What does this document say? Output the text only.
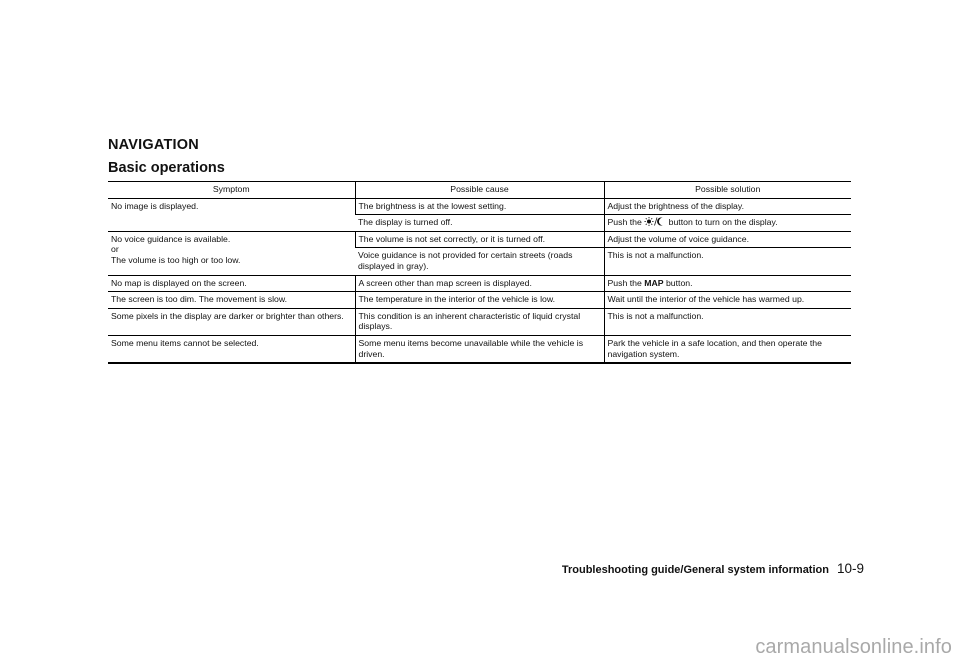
NAVIGATION
Basic operations
Symptom	Possible cause	Possible solution
No image is displayed.	The brightness is at the lowest setting.	Adjust the brightness of the display.
	The display is turned off.	Push the button to turn on the display.

No voice guidance is available.
or
The volume is too high or too low.	The volume is not set correctly, or it is turned off.	Adjust the volume of voice guidance.
	Voice guidance is not provided for certain streets (roads displayed in gray).	This is not a malfunction.
No map is displayed on the screen.	A screen other than map screen is displayed.	Push the MAP button.
The screen is too dim. The movement is slow.	The temperature in the interior of the vehicle is low.	Wait until the interior of the vehicle has warmed up.
Some pixels in the display are darker or brighter than others.	This condition is an inherent characteristic of liquid crystal displays.	This is not a malfunction.
Some menu items cannot be selected.	Some menu items become unavailable while the vehicle is driven.	Park the vehicle in a safe location, and then operate the navigation system.
Troubleshooting guide/General system information 10-9
carmanualsonline.info
